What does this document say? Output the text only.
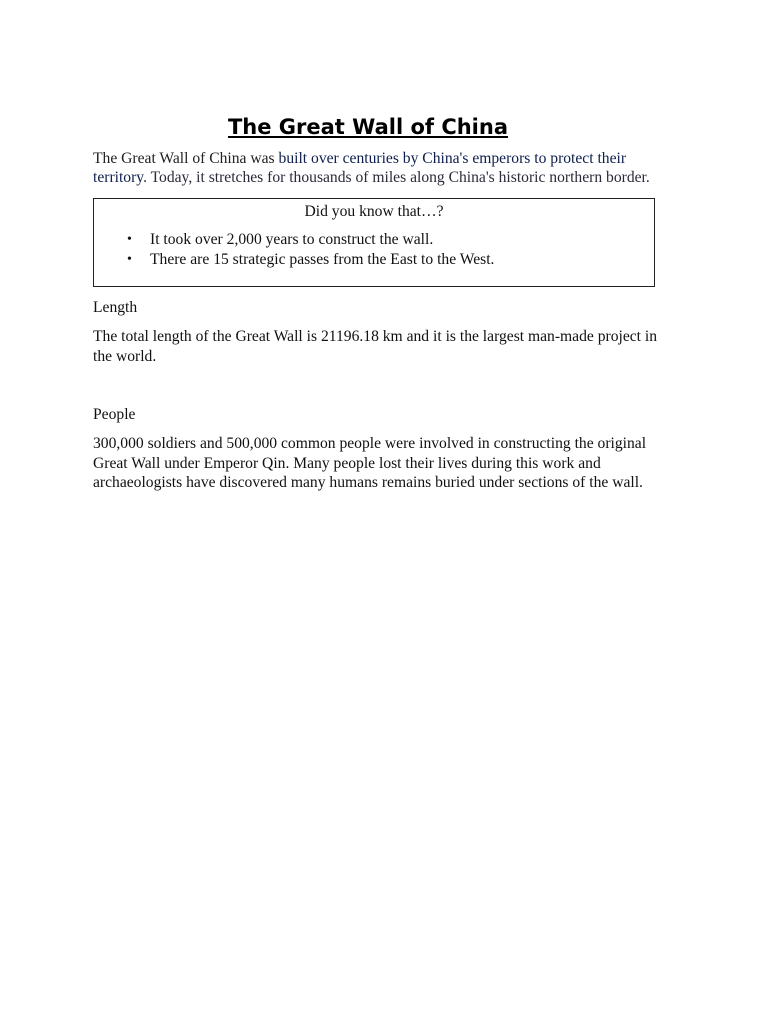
The Great Wall of China

The Great Wall of China was built over centuries by China's emperors to protect their territory. Today, it stretches for thousands of miles along China's historic northern border.

Did you know that…?

• It took over 2,000 years to construct the wall.
• There are 15 strategic passes from the East to the West.

Length

The total length of the Great Wall is 21196.18 km and it is the largest man-made project in the world.

People

300,000 soldiers and 500,000 common people were involved in constructing the original Great Wall under Emperor Qin. Many people lost their lives during this work and archaeologists have discovered many humans remains buried under sections of the wall.
